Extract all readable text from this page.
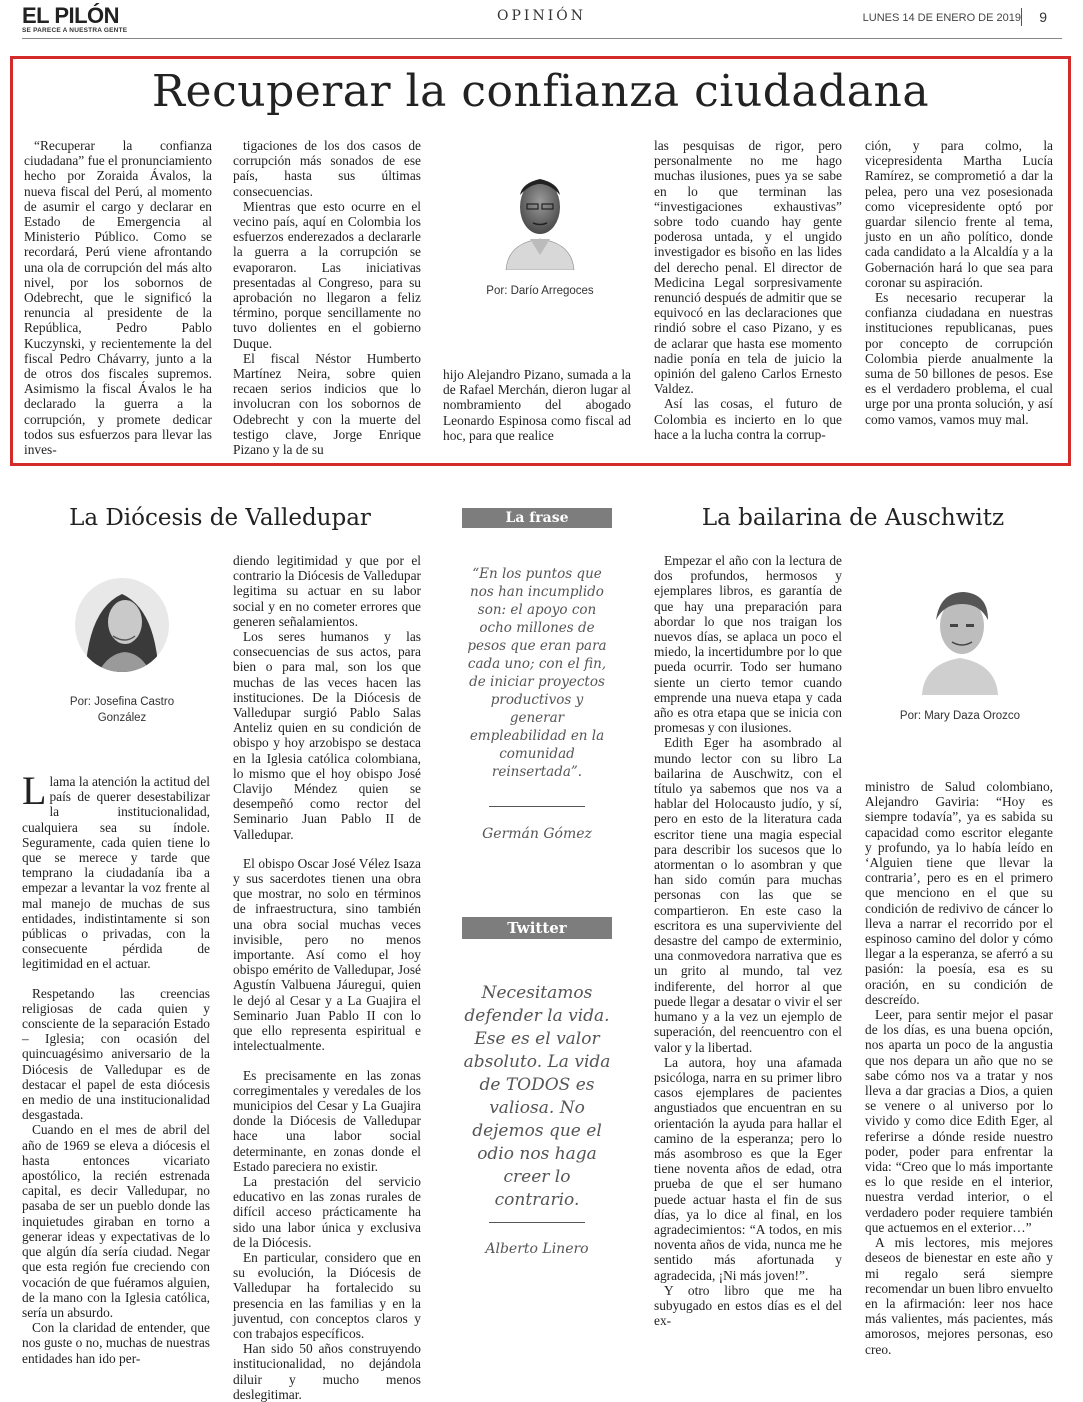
EL PILÓN
SE PARECE A NUESTRA GENTE
OPINIÓN	LUNES 14 DE ENERO DE 2019 9
Recuperar la confianza ciudadana

“Recuperar la confianza ciudadana” fue el pronunciamiento hecho por Zoraida Ávalos, la nueva fiscal del Perú, al momento de asumir el cargo y declarar en Estado de Emergencia al Ministerio Público. Como se recordará, Perú viene afrontando una ola de corrupción del más alto nivel, por los sobornos de Odebrecht, que le significó la renuncia al presidente de la República, Pedro Pablo Kuczynski, y recientemente la del fiscal Pedro Chávarry, junto a la de otros dos fiscales supremos. Asimismo la fiscal Ávalos le ha declarado la guerra a la corrupción, y promete dedicar todos sus esfuerzos para llevar las inves-

tigaciones de los dos casos de corrupción más sonados de ese país, hasta sus últimas consecuencias.

Mientras que esto ocurre en el vecino país, aquí en Colombia los esfuerzos enderezados a declararle la guerra a la corrupción se evaporaron. Las iniciativas presentadas al Congreso, para su aprobación no llegaron a feliz término, porque sencillamente no tuvo dolientes en el gobierno Duque.

El fiscal Néstor Humberto Martínez Neira, sobre quien recaen serios indicios que lo involucran con los sobornos de Odebrecht y con la muerte del testigo clave, Jorge Enrique Pizano y la de su

Por: Darío Arregoces

hijo Alejandro Pizano, sumada a la de Rafael Merchán, dieron lugar al nombramiento del abogado Leonardo Espinosa como fiscal ad hoc, para que realice

las pesquisas de rigor, pero personalmente no me hago muchas ilusiones, pues ya se sabe en lo que terminan las “investigaciones exhaustivas” sobre todo cuando hay gente poderosa untada, y el ungido investigador es bisoño en las lides del derecho penal. El director de Medicina Legal sorpresivamente renunció después de admitir que se equivocó en las declaraciones que rindió sobre el caso Pizano, y es de aclarar que hasta ese momento nadie ponía en tela de juicio la opinión del galeno Carlos Ernesto Valdez.

Así las cosas, el futuro de Colombia es incierto en lo que hace a la lucha contra la corrup-

ción, y para colmo, la vicepresidenta Martha Lucía Ramírez, se comprometió a dar la pelea, pero una vez posesionada como vicepresidente optó por guardar silencio frente al tema, justo en un año político, donde cada candidato a la Alcaldía y a la Gobernación hará lo que sea para coronar su aspiración.

Es necesario recuperar la confianza ciudadana en nuestras instituciones republicanas, pues por concepto de corrupción Colombia pierde anualmente la suma de 50 billones de pesos. Ese es el verdadero problema, el cual urge por una pronta solución, y así como vamos, vamos muy mal.

La Diócesis de Valledupar
Por: Josefina Castro González

Llama la atención la actitud del país de querer desestabilizar la institucionalidad, cualquiera sea su índole. Seguramente, cada quien tiene lo que se merece y tarde que temprano la ciudadanía iba a empezar a levantar la voz frente al mal manejo de muchas de sus entidades, indistintamente si son públicas o privadas, con la consecuente pérdida de legitimidad en el actuar.

Respetando las creencias religiosas de cada quien y consciente de la separación Estado – Iglesia; con ocasión del quincuagésimo aniversario de la Diócesis de Valledupar es de destacar el papel de esta diócesis en medio de una institucionalidad desgastada.

Cuando en el mes de abril del año de 1969 se eleva a diócesis el hasta entonces vicariato apostólico, la recién estrenada capital, es decir Valledupar, no pasaba de ser un pueblo donde las inquietudes giraban en torno a generar ideas y expectativas de lo que algún día sería ciudad. Negar que esta región fue creciendo con vocación de que fuéramos alguien, de la mano con la Iglesia católica, sería un absurdo.

Con la claridad de entender, que nos guste o no, muchas de nuestras entidades han ido per-

diendo legitimidad y que por el contrario la Diócesis de Valledupar legitima su actuar en su labor social y en no cometer errores que generen señalamientos.

Los seres humanos y las consecuencias de sus actos, para bien o para mal, son los que muchas de las veces hacen las instituciones. De la Diócesis de Valledupar surgió Pablo Salas Anteliz quien en su condición de obispo y hoy arzobispo se destaca en la Iglesia católica colombiana, lo mismo que el hoy obispo José Clavijo Méndez quien se desempeñó como rector del Seminario Juan Pablo II de Valledupar.

El obispo Oscar José Vélez Isaza y sus sacerdotes tienen una obra que mostrar, no solo en términos de infraestructura, sino también una obra social muchas veces invisible, pero no menos importante. Así como el hoy obispo emérito de Valledupar, José Agustín Valbuena Jáuregui, quien le dejó al Cesar y a La Guajira el Seminario Juan Pablo II con lo que ello representa espiritual e intelectualmente.

Es precisamente en las zonas corregimentales y veredales de los municipios del Cesar y La Guajira donde la Diócesis de Valledupar hace una labor social determinante, en zonas donde el Estado pareciera no existir.

La prestación del servicio educativo en las zonas rurales de difícil acceso prácticamente ha sido una labor única y exclusiva de la Diócesis.

En particular, considero que en su evolución, la Diócesis de Valledupar ha fortalecido su presencia en las familias y en la juventud, con conceptos claros y con trabajos específicos.

Han sido 50 años construyendo institucionalidad, no dejándola diluir y mucho menos deslegitimar.

La frase
“En los puntos que nos han incumplido son: el apoyo con ocho millones de pesos que eran para cada uno; con el fin, de iniciar proyectos productivos y generar empleabilidad en la comunidad reinsertada”.
Germán Gómez
Twitter
Necesitamos defender la vida. Ese es el valor absoluto. La vida de TODOS es valiosa. No dejemos que el odio nos haga creer lo contrario.
Alberto Linero
La bailarina de Auschwitz

Empezar el año con la lectura de dos profundos, hermosos y ejemplares libros, es garantía de que hay una preparación para abordar lo que nos traigan los nuevos días, se aplaca un poco el miedo, la incertidumbre por lo que pueda ocurrir. Todo ser humano siente un cierto temor cuando emprende una nueva etapa y cada año es otra etapa que se inicia con promesas y con ilusiones.

Edith Eger ha asombrado al mundo lector con su libro La bailarina de Auschwitz, con el título ya sabemos que nos va a hablar del Holocausto judío, y sí, pero en esto de la literatura cada escritor tiene una magia especial para describir los sucesos que lo atormentan o lo asombran y que han sido común para muchas personas con las que se compartieron. En este caso la escritora es una superviviente del desastre del campo de exterminio, una conmovedora narrativa que es un grito al mundo, tal vez indiferente, del horror al que puede llegar a desatar o vivir el ser humano y a la vez un ejemplo de superación, del reencuentro con el valor y la libertad.

La autora, hoy una afamada psicóloga, narra en su primer libro casos ejemplares de pacientes angustiados que encuentran en su orientación la ayuda para hallar el camino de la esperanza; pero lo más asombroso es que la Eger tiene noventa años de edad, otra prueba de que el ser humano puede actuar hasta el fin de sus días, ya lo dice al final, en los agradecimientos: “A todos, en mis noventa años de vida, nunca me he sentido más afortunada y agradecida, ¡Ni más joven!”.

Y otro libro que me ha subyugado en estos días es el del ex-

Por: Mary Daza Orozco

ministro de Salud colombiano, Alejandro Gaviria: “Hoy es siempre todavía”, ya es sabida su capacidad como escritor elegante y profundo, ya lo había leído en ‘Alguien tiene que llevar la contraria’, pero es en el primero que menciono en el que su condición de redivivo de cáncer lo lleva a narrar el recorrido por el espinoso camino del dolor y cómo llegar a la esperanza, se aferró a su pasión: la poesía, esa es su oración, en su condición de descreído.

Leer, para sentir mejor el pasar de los días, es una buena opción, nos aparta un poco de la angustia que nos depara un año que no se sabe cómo nos va a tratar y nos lleva a dar gracias a Dios, a quien se venere o al universo por lo vivido y como dice Edith Eger, al referirse a dónde reside nuestro poder, poder para enfrentar la vida: “Creo que lo más importante es lo que reside en el interior, nuestra verdad interior, o el verdadero poder requiere también que actuemos en el exterior…”

A mis lectores, mis mejores deseos de bienestar en este año y mi regalo será siempre recomendar un buen libro envuelto en la afirmación: leer nos hace más valientes, más pacientes, más amorosos, mejores personas, eso creo.
